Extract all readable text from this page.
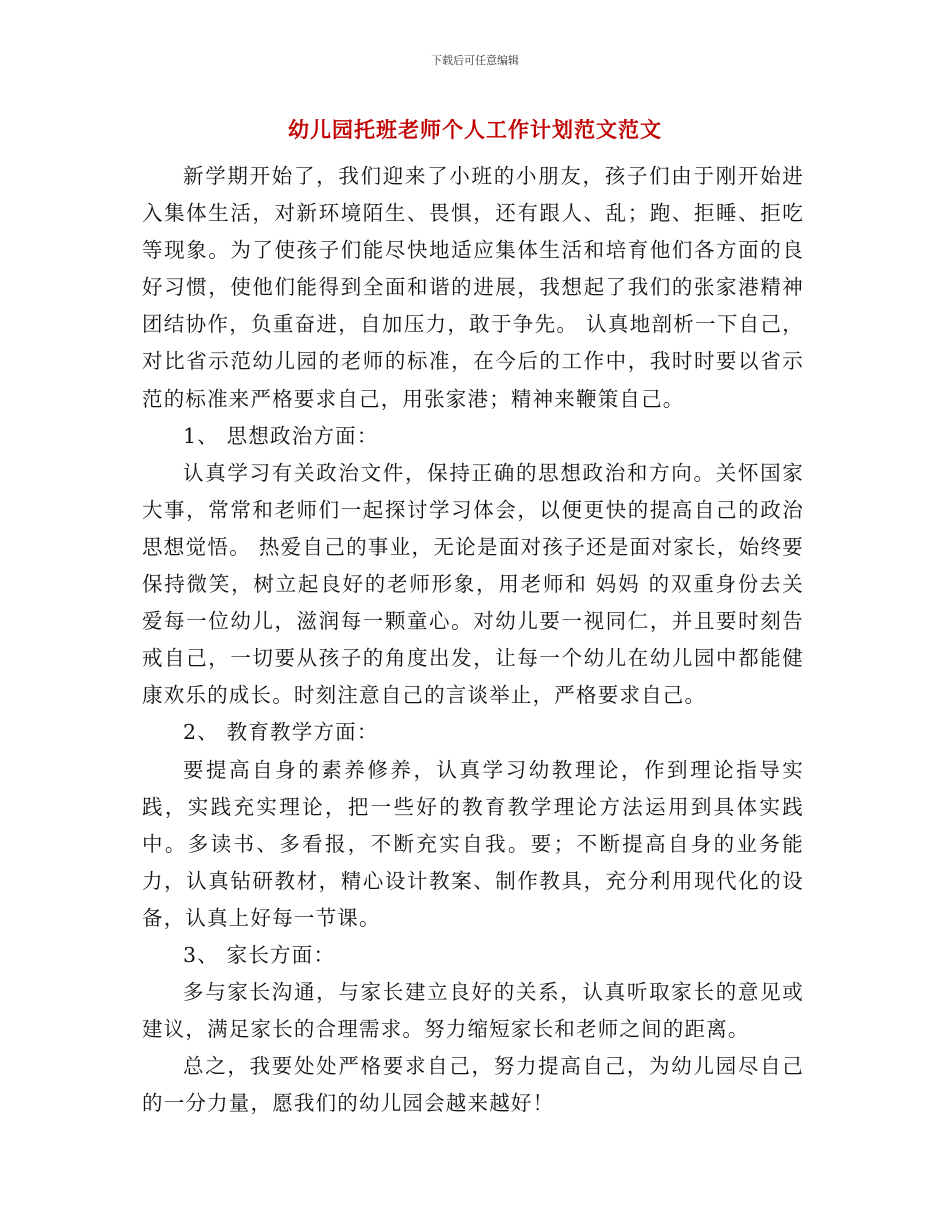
下载后可任意编辑
幼儿园托班老师个人工作计划范文范文

新学期开始了，我们迎来了小班的小朋友，孩子们由于刚开始进入集体生活，对新环境陌生、畏惧，还有跟人、乱；跑、拒睡、拒吃等现象。为了使孩子们能尽快地适应集体生活和培育他们各方面的良好习惯，使他们能得到全面和谐的进展，我想起了我们的张家港精神团结协作，负重奋进，自加压力，敢于争先。 认真地剖析一下自己，对比省示范幼儿园的老师的标准，在今后的工作中，我时时要以省示范的标准来严格要求自己，用张家港；精神来鞭策自己。

1、 思想政治方面：

认真学习有关政治文件，保持正确的思想政治和方向。关怀国家大事，常常和老师们一起探讨学习体会，以便更快的提高自己的政治思想觉悟。 热爱自己的事业，无论是面对孩子还是面对家长，始终要保持微笑，树立起良好的老师形象，用老师和 妈妈 的双重身份去关爱每一位幼儿，滋润每一颗童心。对幼儿要一视同仁，并且要时刻告戒自己，一切要从孩子的角度出发，让每一个幼儿在幼儿园中都能健康欢乐的成长。时刻注意自己的言谈举止，严格要求自己。

2、 教育教学方面：

要提高自身的素养修养，认真学习幼教理论，作到理论指导实践，实践充实理论，把一些好的教育教学理论方法运用到具体实践中。多读书、多看报，不断充实自我。要；不断提高自身的业务能力，认真钻研教材，精心设计教案、制作教具，充分利用现代化的设备，认真上好每一节课。

3、 家长方面：

多与家长沟通，与家长建立良好的关系，认真听取家长的意见或建议，满足家长的合理需求。努力缩短家长和老师之间的距离。

总之，我要处处严格要求自己，努力提高自己，为幼儿园尽自己的一分力量，愿我们的幼儿园会越来越好！
